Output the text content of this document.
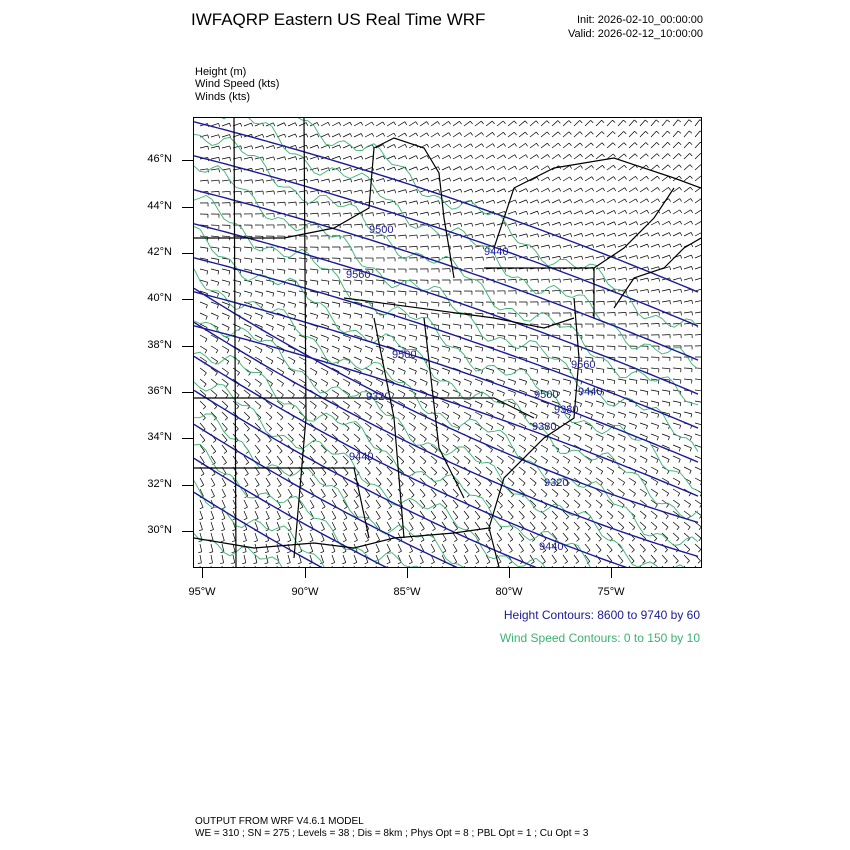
IWFAQRP Eastern US Real Time WRF	Init: 2026-02-10_00:00:00
Valid: 2026-02-12_10:00:00
Height (m)
Wind Speed (kts)
Winds (kts)
9500
9440
9560
9500
9320
9560
9500
9380
9380
9440
9320
9440
9440
46°N
44°N
42°N
40°N
38°N
36°N
34°N
32°N
30°N
95°W	90°W	85°W	80°W	75°W
Height Contours: 8600 to 9740 by 60
Wind Speed Contours: 0 to 150 by 10
OUTPUT FROM WRF V4.6.1 MODEL
WE = 310 ; SN = 275 ; Levels = 38 ; Dis = 8km ; Phys Opt = 8 ; PBL Opt = 1 ; Cu Opt = 3
